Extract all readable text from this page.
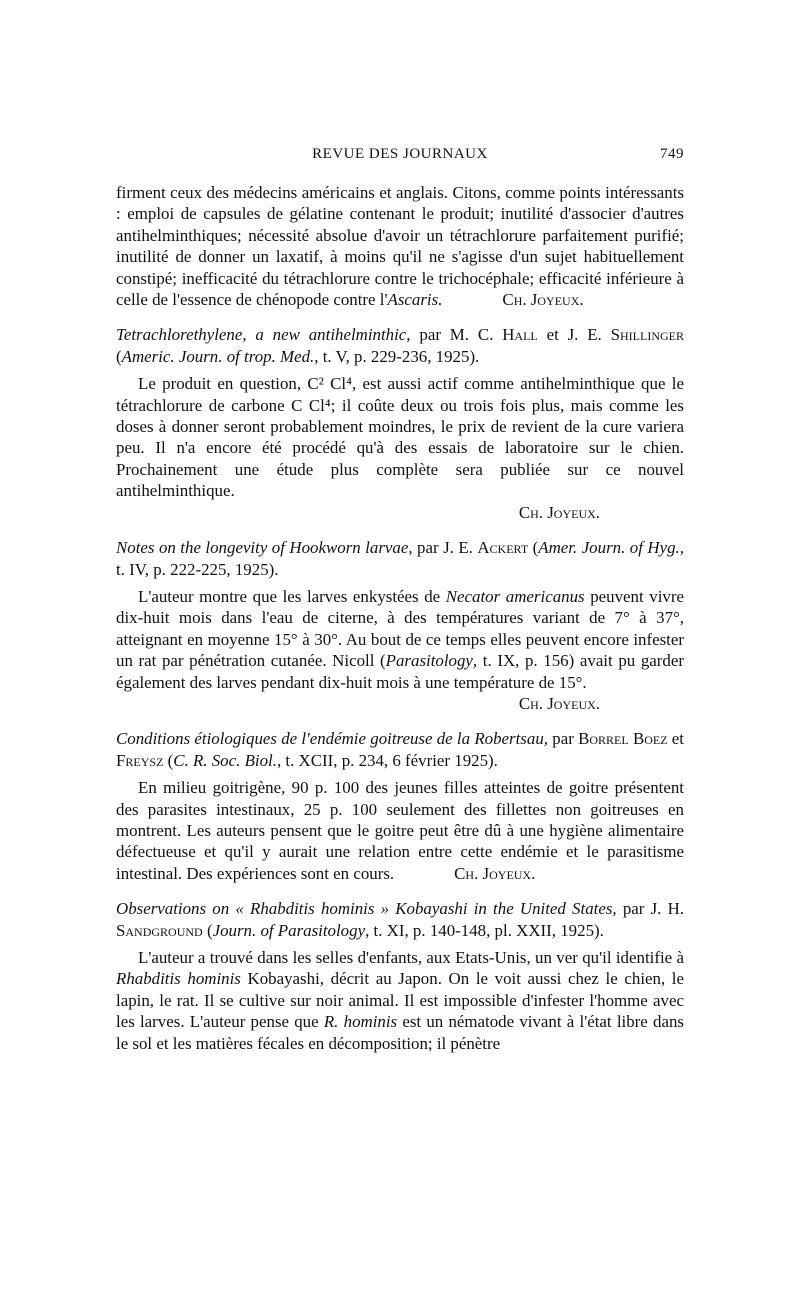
REVUE DES JOURNAUX	749

firment ceux des médecins américains et anglais. Citons, comme points intéressants : emploi de capsules de gélatine contenant le produit; inutilité d'associer d'autres antihelminthiques; nécessité absolue d'avoir un tétrachlorure parfaitement purifié; inutilité de donner un laxatif, à moins qu'il ne s'agisse d'un sujet habituellement constipé; inefficacité du tétrachlorure contre le trichocéphale; efficacité inférieure à celle de l'essence de chénopode contre l'Ascaris.	Ch. Joyeux.

Tetrachlorethylene, a new antihelminthic, par M. C. Hall et J. E. Shillinger (Americ. Journ. of trop. Med., t. V, p. 229-236, 1925).

Le produit en question, C² Cl⁴, est aussi actif comme antihelminthique que le tétrachlorure de carbone C Cl⁴; il coûte deux ou trois fois plus, mais comme les doses à donner seront probablement moindres, le prix de revient de la cure variera peu. Il n'a encore été procédé qu'à des essais de laboratoire sur le chien. Prochainement une étude plus complète sera publiée sur ce nouvel antihelminthique.

Ch. Joyeux.

Notes on the longevity of Hookworn larvae, par J. E. Ackert (Amer. Journ. of Hyg., t. IV, p. 222-225, 1925).

L'auteur montre que les larves enkystées de Necator americanus peuvent vivre dix-huit mois dans l'eau de citerne, à des températures variant de 7° à 37°, atteignant en moyenne 15° à 30°. Au bout de ce temps elles peuvent encore infester un rat par pénétration cutanée. Nicoll (Parasitology, t. IX, p. 156) avait pu garder également des larves pendant dix-huit mois à une température de 15°.

Ch. Joyeux.

Conditions étiologiques de l'endémie goitreuse de la Robertsau, par Borrel Boez et Freysz (C. R. Soc. Biol., t. XCII, p. 234, 6 février 1925).

En milieu goitrigène, 90 p. 100 des jeunes filles atteintes de goitre présentent des parasites intestinaux, 25 p. 100 seulement des fillettes non goitreuses en montrent. Les auteurs pensent que le goitre peut être dû à une hygiène alimentaire défectueuse et qu'il y aurait une relation entre cette endémie et le parasitisme intestinal. Des expériences sont en cours.	Ch. Joyeux.

Observations on « Rhabditis hominis » Kobayashi in the United States, par J. H. Sandground (Journ. of Parasitology, t. XI, p. 140-148, pl. XXII, 1925).

L'auteur a trouvé dans les selles d'enfants, aux Etats-Unis, un ver qu'il identifie à Rhabditis hominis Kobayashi, décrit au Japon. On le voit aussi chez le chien, le lapin, le rat. Il se cultive sur noir animal. Il est impossible d'infester l'homme avec les larves. L'auteur pense que R. hominis est un nématode vivant à l'état libre dans le sol et les matières fécales en décomposition; il pénètre
